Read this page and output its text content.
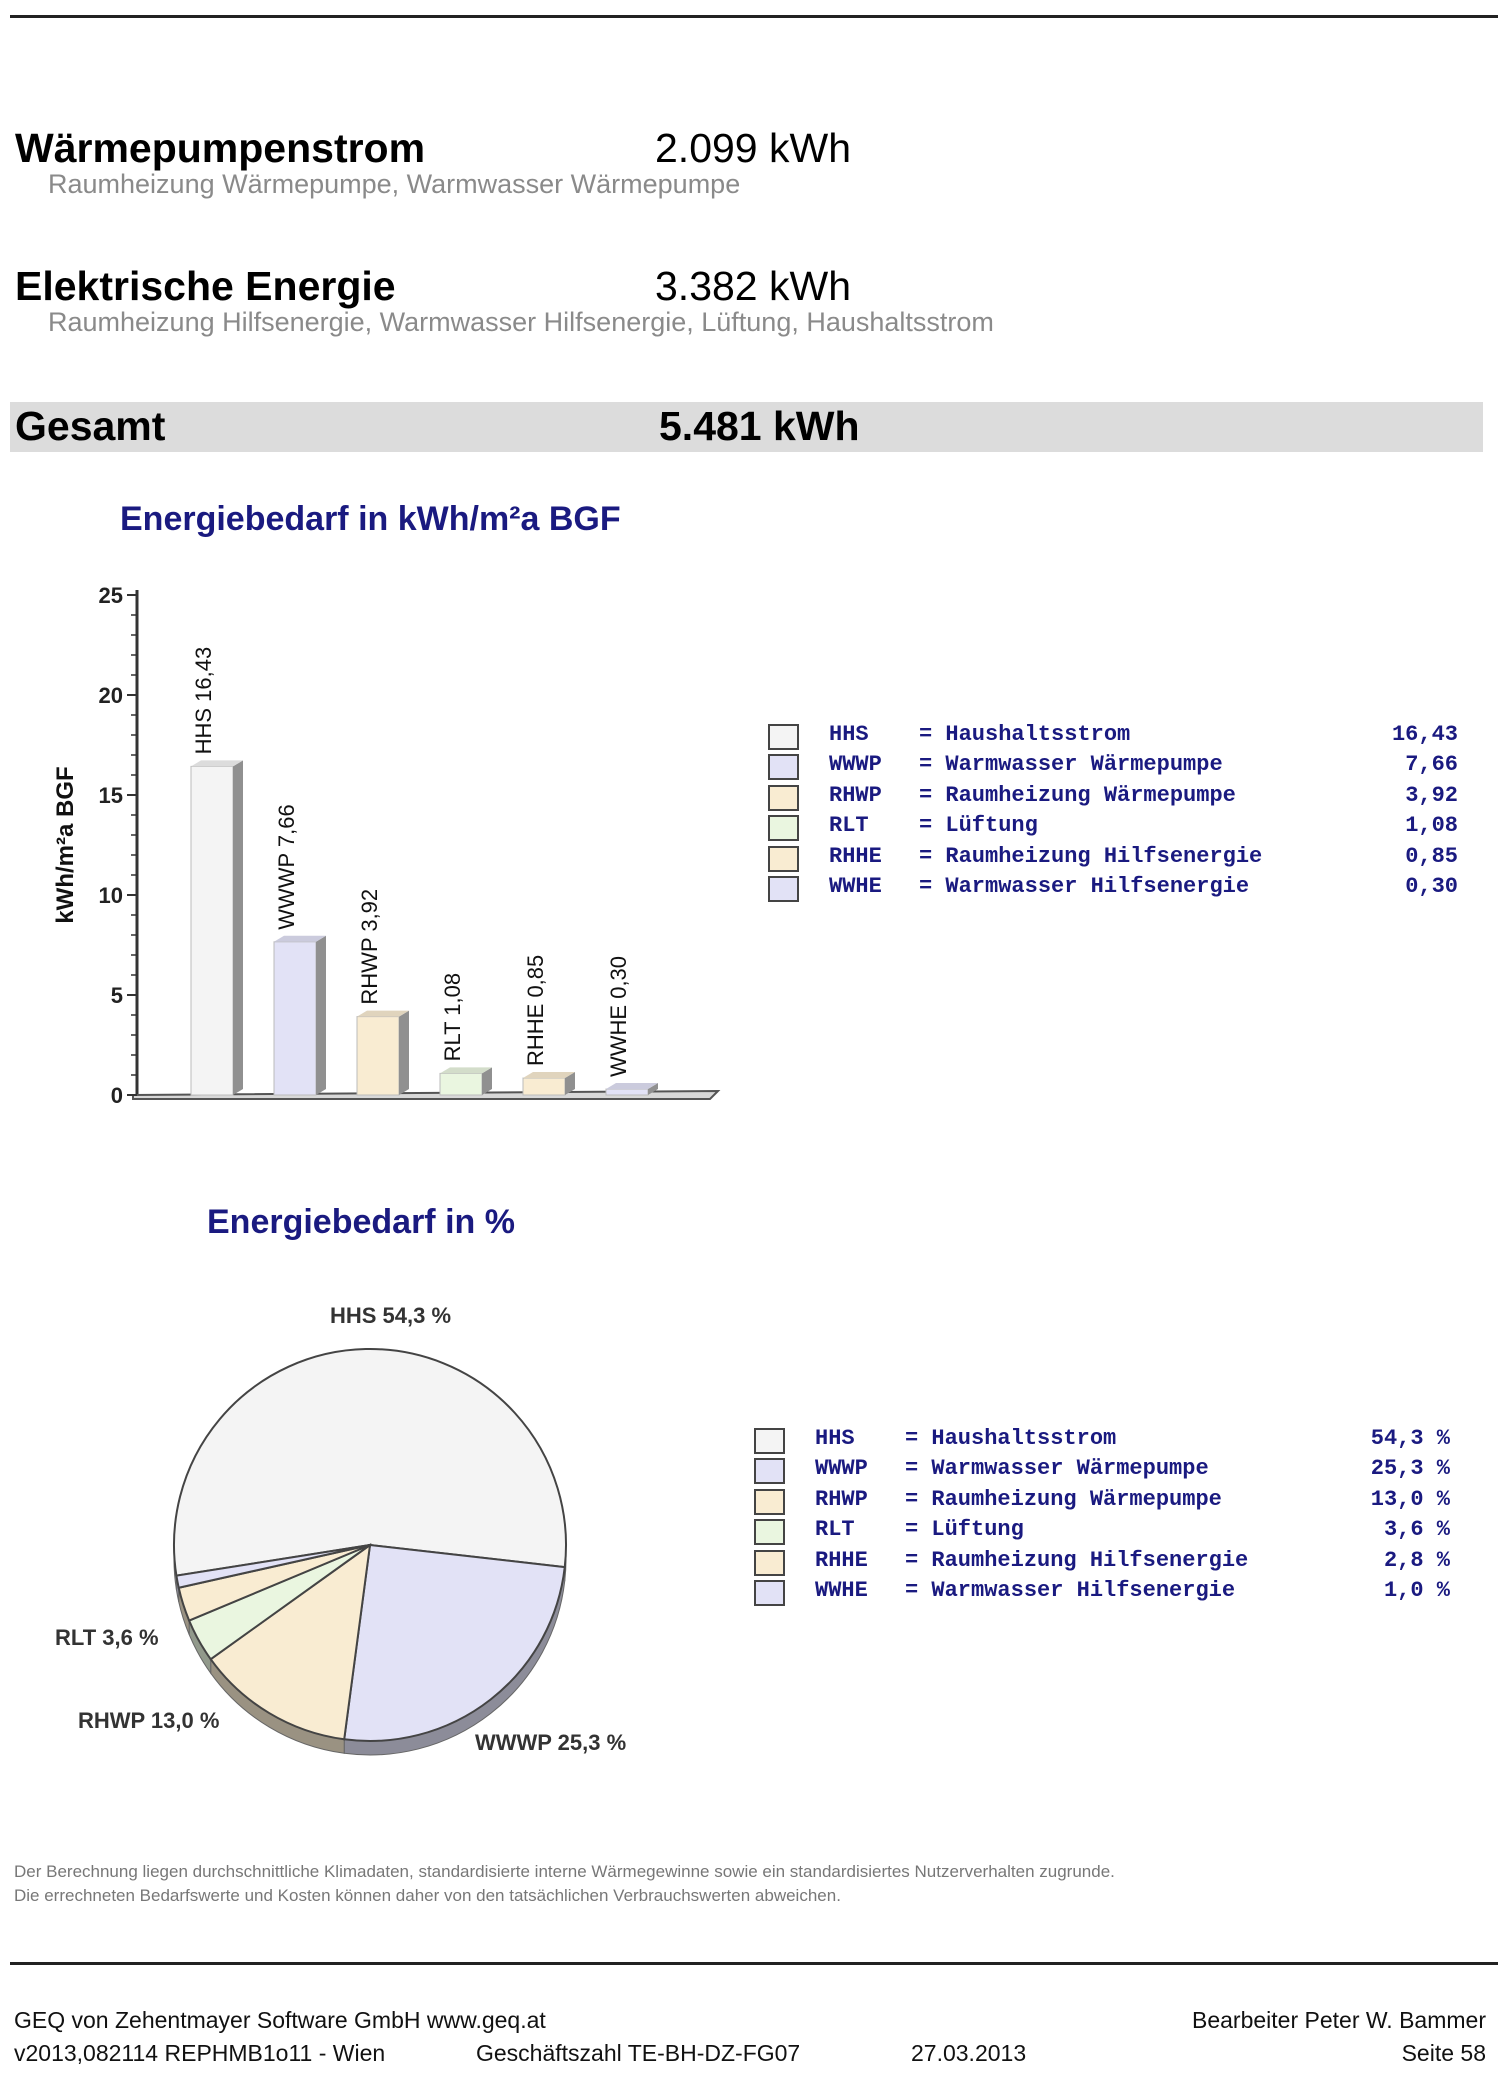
Wärmepumpenstrom	2.099 kWh
Raumheizung Wärmepumpe, Warmwasser Wärmepumpe
Elektrische Energie	3.382 kWh
Raumheizung Hilfsenergie, Warmwasser Hilfsenergie, Lüftung, Haushaltsstrom
Gesamt	5.481 kWh
Energiebedarf in kWh/m²a BGF
0
5
10
15
20
25
kWh/m²a BGF
HHS 16,43
WWWP 7,66
RHWP 3,92
RLT 1,08	RHHE 0,85	WWHE 0,30
HHS = Haushaltsstrom	16,43
WWWP = Warmwasser Wärmepumpe	7,66
RHWP = Raumheizung Wärmepumpe	3,92
RLT = Lüftung	1,08
RHHE = Raumheizung Hilfsenergie	0,85
WWHE = Warmwasser Hilfsenergie	0,30
Energiebedarf in %
HHS 54,3 %
WWWP 25,3 %
RHWP 13,0 %
RLT 3,6 %
HHS = Haushaltsstrom	54,3 %
WWWP = Warmwasser Wärmepumpe	25,3 %
RHWP = Raumheizung Wärmepumpe	13,0 %
RLT = Lüftung	3,6 %
RHHE = Raumheizung Hilfsenergie	2,8 %
WWHE = Warmwasser Hilfsenergie	1,0 %
Der Berechnung liegen durchschnittliche Klimadaten, standardisierte interne Wärmegewinne sowie ein standardisiertes Nutzerverhalten zugrunde.
Die errechneten Bedarfswerte und Kosten können daher von den tatsächlichen Verbrauchswerten abweichen.
GEQ von Zehentmayer Software GmbH www.geq.at
v2013,082114 REPHMB1o11 - Wien	Geschäftszahl TE-BH-DZ-FG07	27.03.2013
Bearbeiter Peter W. Bammer
Seite 58
